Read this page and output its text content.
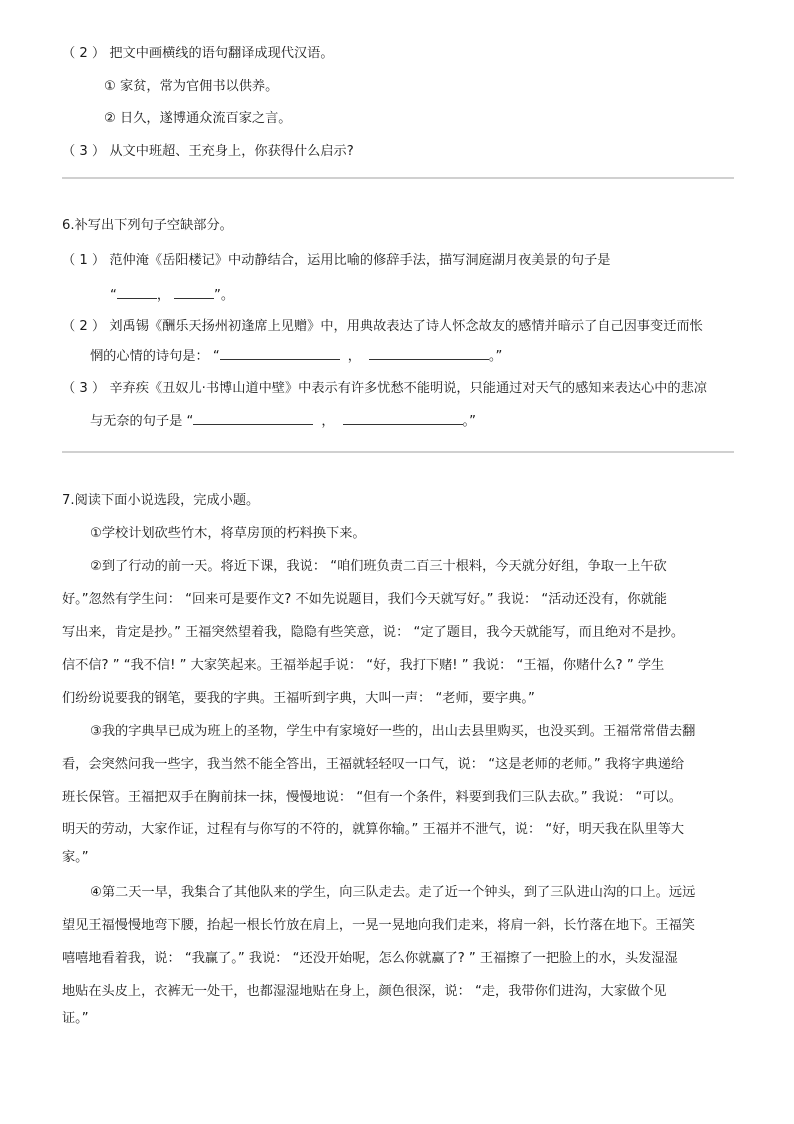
（ 2 ） 把文中画横线的语句翻译成现代汉语。
① 家贫，常为官佣书以供养。
② 日久，遂博通众流百家之言。
（ 3 ） 从文中班超、王充身上，你获得什么启示?
6.补写出下列句子空缺部分。
（ 1 ） 范仲淹《岳阳楼记》中动静结合，运用比喻的修辞手法，描写洞庭湖月夜美景的句子是
“	，	”。
（ 2 ） 刘禹锡《酬乐天扬州初逢席上见赠》中，用典故表达了诗人怀念故友的感情并暗示了自己因事变迁而怅
惘的心情的诗句是： “	，	。”
（ 3 ） 辛弃疾《丑奴儿·书博山道中壁》中表示有许多忧愁不能明说，只能通过对天气的感知来表达心中的悲凉
与无奈的句子是 “	，	。”
7.阅读下面小说选段，完成小题。
①学校计划砍些竹木，将草房顶的朽料换下来。
②到了行动的前一天。将近下课，我说： “咱们班负责二百三十根料，今天就分好组，争取一上午砍
好。”忽然有学生问： “回来可是要作文? 不如先说题目，我们今天就写好。” 我说： “活动还没有，你就能
写出来，肯定是抄。” 王福突然望着我，隐隐有些笑意，说： “定了题目，我今天就能写，而且绝对不是抄。
信不信? ” “我不信! ” 大家笑起来。王福举起手说： “好，我打下赌! ” 我说： “王福，你赌什么? ” 学生
们纷纷说要我的钢笔，要我的字典。王福听到字典，大叫一声： “老师，要字典。”
③我的字典早已成为班上的圣物，学生中有家境好一些的，出山去县里购买，也没买到。王福常常借去翻
看，会突然问我一些字，我当然不能全答出，王福就轻轻叹一口气，说： “这是老师的老师。” 我将字典递给
班长保管。王福把双手在胸前抹一抹，慢慢地说： “但有一个条件，料要到我们三队去砍。” 我说： “可以。
明天的劳动，大家作证，过程有与你写的不符的，就算你输。” 王福并不泄气，说： “好，明天我在队里等大
家。”
④第二天一早，我集合了其他队来的学生，向三队走去。走了近一个钟头，到了三队进山沟的口上。远远
望见王福慢慢地弯下腰，抬起一根长竹放在肩上，一晃一晃地向我们走来，将肩一斜，长竹落在地下。王福笑
嘻嘻地看着我，说： “我赢了。” 我说： “还没开始呢，怎么你就赢了? ” 王福擦了一把脸上的水，头发湿湿
地贴在头皮上，衣裤无一处干，也都湿湿地贴在身上，颜色很深，说： “走，我带你们进沟，大家做个见
证。”
